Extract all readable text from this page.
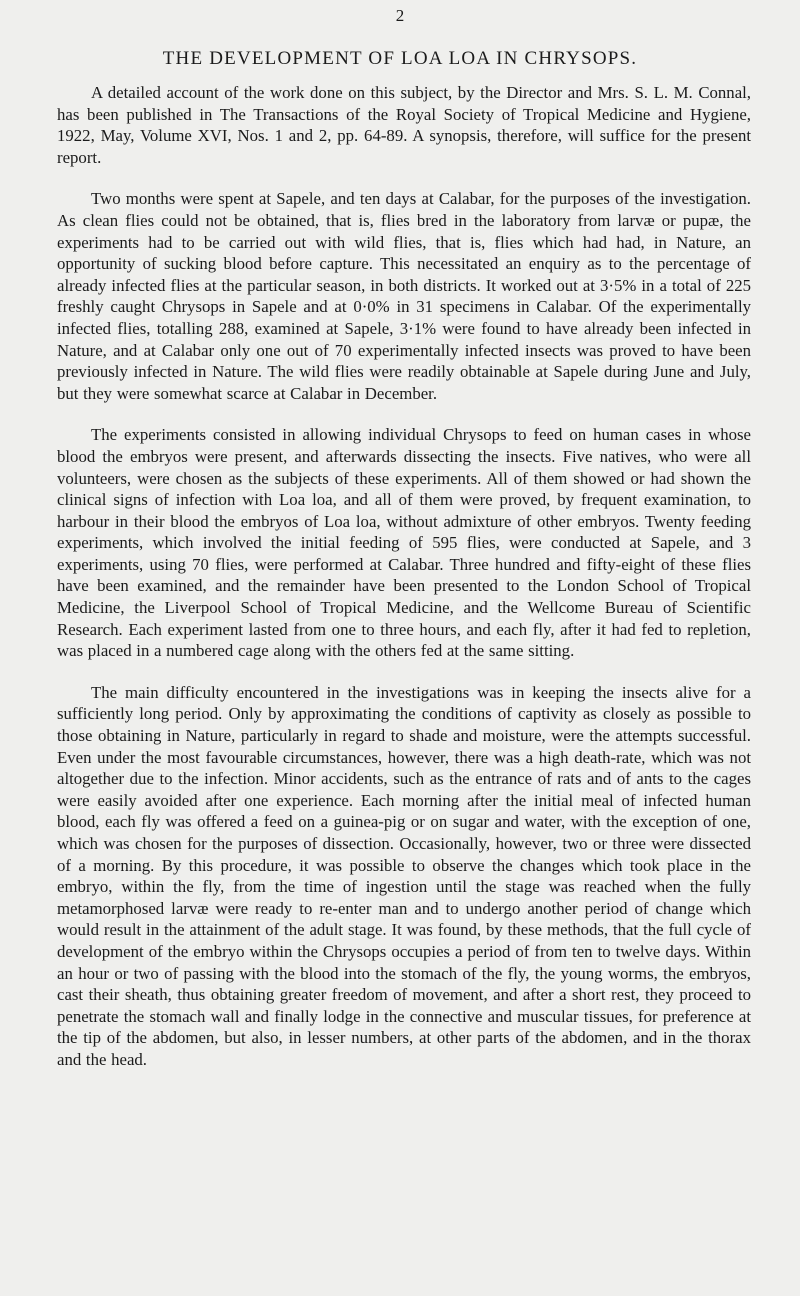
2
THE DEVELOPMENT OF LOA LOA IN CHRYSOPS.

A detailed account of the work done on this subject, by the Director and Mrs. S. L. M. Connal, has been published in The Transactions of the Royal Society of Tropical Medicine and Hygiene, 1922, May, Volume XVI, Nos. 1 and 2, pp. 64-89. A synopsis, therefore, will suffice for the present report.

Two months were spent at Sapele, and ten days at Calabar, for the purposes of the investigation. As clean flies could not be obtained, that is, flies bred in the laboratory from larvæ or pupæ, the experiments had to be carried out with wild flies, that is, flies which had had, in Nature, an opportunity of sucking blood before capture. This necessitated an enquiry as to the percentage of already infected flies at the particular season, in both districts. It worked out at 3·5% in a total of 225 freshly caught Chrysops in Sapele and at 0·0% in 31 specimens in Calabar. Of the experimentally infected flies, totalling 288, examined at Sapele, 3·1% were found to have already been infected in Nature, and at Calabar only one out of 70 experimentally infected insects was proved to have been previously infected in Nature. The wild flies were readily obtainable at Sapele during June and July, but they were somewhat scarce at Calabar in December.

The experiments consisted in allowing individual Chrysops to feed on human cases in whose blood the embryos were present, and afterwards dissecting the insects. Five natives, who were all volunteers, were chosen as the subjects of these experiments. All of them showed or had shown the clinical signs of infection with Loa loa, and all of them were proved, by frequent examination, to harbour in their blood the embryos of Loa loa, without admixture of other embryos. Twenty feeding experiments, which involved the initial feeding of 595 flies, were conducted at Sapele, and 3 experiments, using 70 flies, were performed at Calabar. Three hundred and fifty-eight of these flies have been examined, and the remainder have been presented to the London School of Tropical Medicine, the Liverpool School of Tropical Medicine, and the Wellcome Bureau of Scientific Research. Each experiment lasted from one to three hours, and each fly, after it had fed to repletion, was placed in a numbered cage along with the others fed at the same sitting.

The main difficulty encountered in the investigations was in keeping the insects alive for a sufficiently long period. Only by approximating the conditions of captivity as closely as possible to those obtaining in Nature, particularly in regard to shade and moisture, were the attempts successful. Even under the most favourable circumstances, however, there was a high death-rate, which was not altogether due to the infection. Minor accidents, such as the entrance of rats and of ants to the cages were easily avoided after one experience. Each morning after the initial meal of infected human blood, each fly was offered a feed on a guinea-pig or on sugar and water, with the exception of one, which was chosen for the purposes of dissection. Occasionally, however, two or three were dissected of a morning. By this procedure, it was possible to observe the changes which took place in the embryo, within the fly, from the time of ingestion until the stage was reached when the fully metamorphosed larvæ were ready to re-enter man and to undergo another period of change which would result in the attainment of the adult stage. It was found, by these methods, that the full cycle of development of the embryo within the Chrysops occupies a period of from ten to twelve days. Within an hour or two of passing with the blood into the stomach of the fly, the young worms, the embryos, cast their sheath, thus obtaining greater freedom of movement, and after a short rest, they proceed to penetrate the stomach wall and finally lodge in the connective and muscular tissues, for preference at the tip of the abdomen, but also, in lesser numbers, at other parts of the abdomen, and in the thorax and the head.
